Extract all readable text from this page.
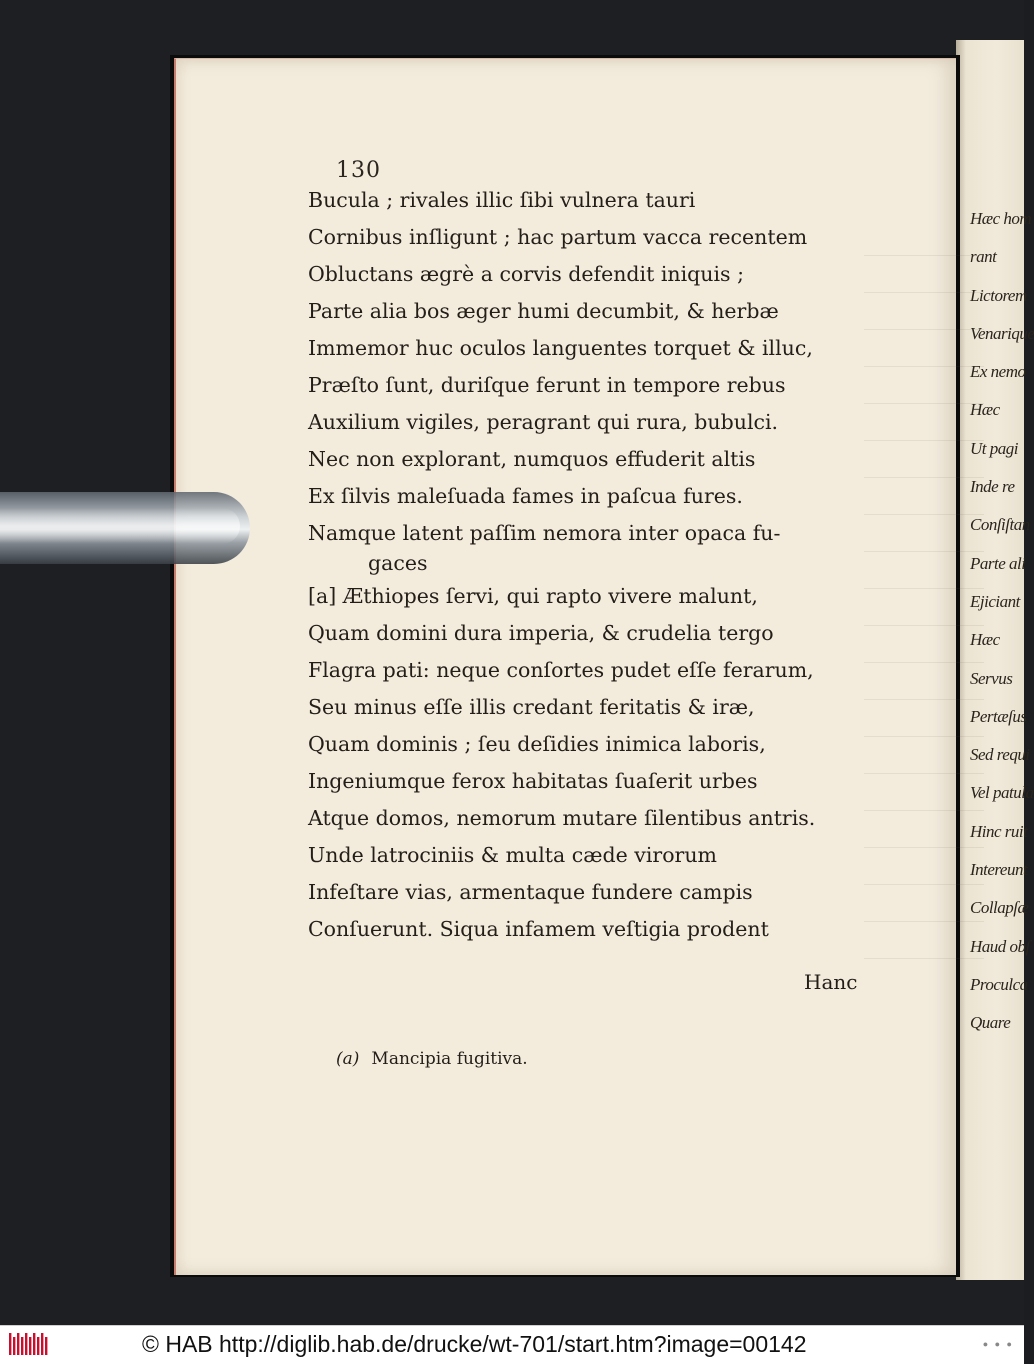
Hæc hom
rant
Lictorem
Venarique
Ex nemo
Hæc
Ut pagi
Inde re
Conſiſtan
Parte ali
Ejiciant
Hæc
Servus
Pertæſus
Sed requi
Vel patula
Hinc ruit
Intereunt
Collapſæ
Haud obſ
Proculca
Quare
130
Bucula ; rivales illic ſibi vulnera tauri
Cornibus inſligunt ; hac partum vacca recentem
Obluctans ægrè a corvis defendit iniquis ;
Parte alia bos æger humi decumbit, & herbæ
Immemor huc oculos languentes torquet & illuc,
Præſto ſunt, duriſque ferunt in tempore rebus
Auxilium vigiles, peragrant qui rura, bubulci.
Nec non explorant, numquos effuderit altis
Ex ſilvis maleſuada fames in paſcua fures.
Namque latent paſſim nemora inter opaca fu-
gaces
[a] Æthiopes ſervi, qui rapto vivere malunt,
Quam domini dura imperia, & crudelia tergo
Flagra pati: neque conſortes pudet eſſe ferarum,
Seu minus eſſe illis credant feritatis & iræ,
Quam dominis ; ſeu deſidies inimica laboris,
Ingeniumque ferox habitatas ſuaſerit urbes
Atque domos, nemorum mutare ſilentibus antris.
Unde latrociniis & multa cæde virorum
Infeſtare vias, armentaque fundere campis
Conſuerunt. Siqua infamem veſtigia prodent
Hanc
(a) Mancipia fugitiva.
© HAB http://diglib.hab.de/drucke/wt-701/start.htm?image=00142	● ● ●
